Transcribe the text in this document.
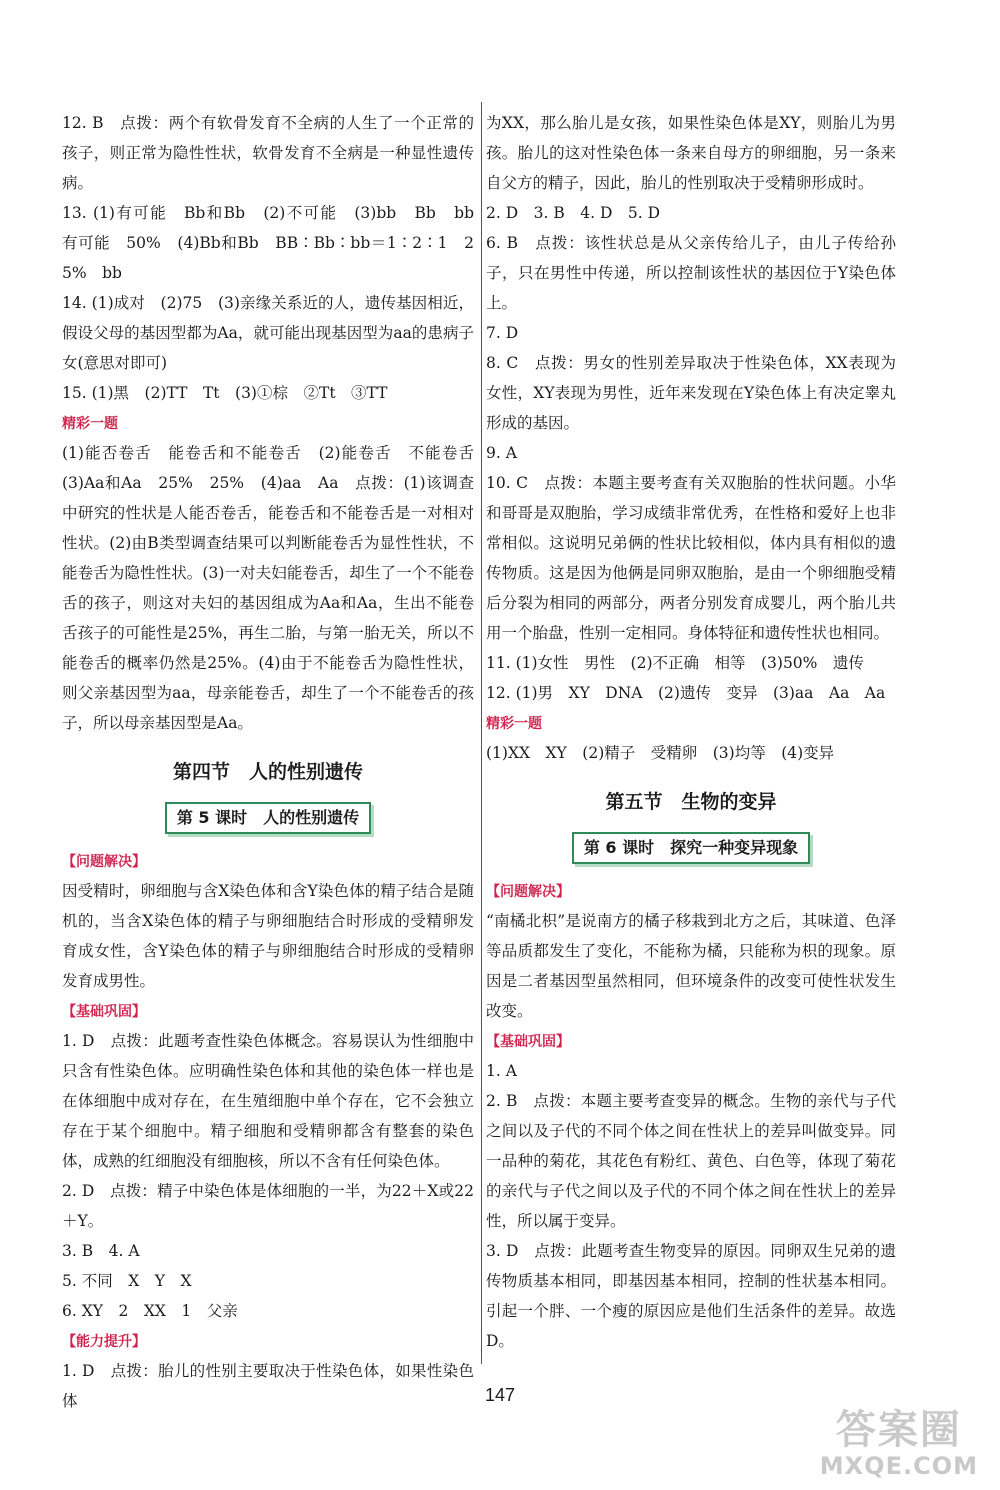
12. B　点拨：两个有软骨发育不全病的人生了一个正常的孩子，则正常为隐性性状，软骨发育不全病是一种显性遗传病。

13. (1)有可能　Bb和Bb　(2)不可能　(3)bb　Bb　bb　有可能　50%　(4)Bb和Bb　BB∶Bb∶bb＝1∶2∶1　25%　bb

14. (1)成对　(2)75　(3)亲缘关系近的人，遗传基因相近，假设父母的基因型都为Aa，就可能出现基因型为aa的患病子女(意思对即可)

15. (1)黑　(2)TT　Tt　(3)①棕　②Tt　③TT

精彩一题

(1)能否卷舌　能卷舌和不能卷舌　(2)能卷舌　不能卷舌　(3)Aa和Aa　25%　25%　(4)aa　Aa　点拨：(1)该调查中研究的性状是人能否卷舌，能卷舌和不能卷舌是一对相对性状。(2)由B类型调查结果可以判断能卷舌为显性性状，不能卷舌为隐性性状。(3)一对夫妇能卷舌，却生了一个不能卷舌的孩子，则这对夫妇的基因组成为Aa和Aa，生出不能卷舌孩子的可能性是25%，再生二胎，与第一胎无关，所以不能卷舌的概率仍然是25%。(4)由于不能卷舌为隐性性状，则父亲基因型为aa，母亲能卷舌，却生了一个不能卷舌的孩子，所以母亲基因型是Aa。

第四节　人的性别遗传
第 5 课时　人的性别遗传
【问题解决】

因受精时，卵细胞与含X染色体和含Y染色体的精子结合是随机的，当含X染色体的精子与卵细胞结合时形成的受精卵发育成女性，含Y染色体的精子与卵细胞结合时形成的受精卵发育成男性。

【基础巩固】

1. D　点拨：此题考查性染色体概念。容易误认为性细胞中只含有性染色体。应明确性染色体和其他的染色体一样也是在体细胞中成对存在，在生殖细胞中单个存在，它不会独立存在于某个细胞中。精子细胞和受精卵都含有整套的染色体，成熟的红细胞没有细胞核，所以不含有任何染色体。

2. D　点拨：精子中染色体是体细胞的一半，为22＋X或22＋Y。

3. B　4. A

5. 不同　X　Y　X

6. XY　2　XX　1　父亲

【能力提升】

1. D　点拨：胎儿的性别主要取决于性染色体，如果性染色体

为XX，那么胎儿是女孩，如果性染色体是XY，则胎儿为男孩。胎儿的这对性染色体一条来自母方的卵细胞，另一条来自父方的精子，因此，胎儿的性别取决于受精卵形成时。

2. D　3. B　4. D　5. D

6. B　点拨：该性状总是从父亲传给儿子，由儿子传给孙子，只在男性中传递，所以控制该性状的基因位于Y染色体上。

7. D

8. C　点拨：男女的性别差异取决于性染色体，XX表现为女性，XY表现为男性，近年来发现在Y染色体上有决定睾丸形成的基因。

9. A

10. C　点拨：本题主要考查有关双胞胎的性状问题。小华和哥哥是双胞胎，学习成绩非常优秀，在性格和爱好上也非常相似。这说明兄弟俩的性状比较相似，体内具有相似的遗传物质。这是因为他俩是同卵双胞胎，是由一个卵细胞受精后分裂为相同的两部分，两者分别发育成婴儿，两个胎儿共用一个胎盘，性别一定相同。身体特征和遗传性状也相同。

11. (1)女性　男性　(2)不正确　相等　(3)50%　遗传

12. (1)男　XY　DNA　(2)遗传　变异　(3)aa　Aa　Aa

精彩一题

(1)XX　XY　(2)精子　受精卵　(3)均等　(4)变异

第五节　生物的变异
第 6 课时　探究一种变异现象
【问题解决】

“南橘北枳”是说南方的橘子移栽到北方之后，其味道、色泽等品质都发生了变化，不能称为橘，只能称为枳的现象。原因是二者基因型虽然相同，但环境条件的改变可使性状发生改变。

【基础巩固】

1. A

2. B　点拨：本题主要考查变异的概念。生物的亲代与子代之间以及子代的不同个体之间在性状上的差异叫做变异。同一品种的菊花，其花色有粉红、黄色、白色等，体现了菊花的亲代与子代之间以及子代的不同个体之间在性状上的差异性，所以属于变异。

3. D　点拨：此题考查生物变异的原因。同卵双生兄弟的遗传物质基本相同，即基因基本相同，控制的性状基本相同。引起一个胖、一个瘦的原因应是他们生活条件的差异。故选D。

147
答案圈
MXQE.COM
